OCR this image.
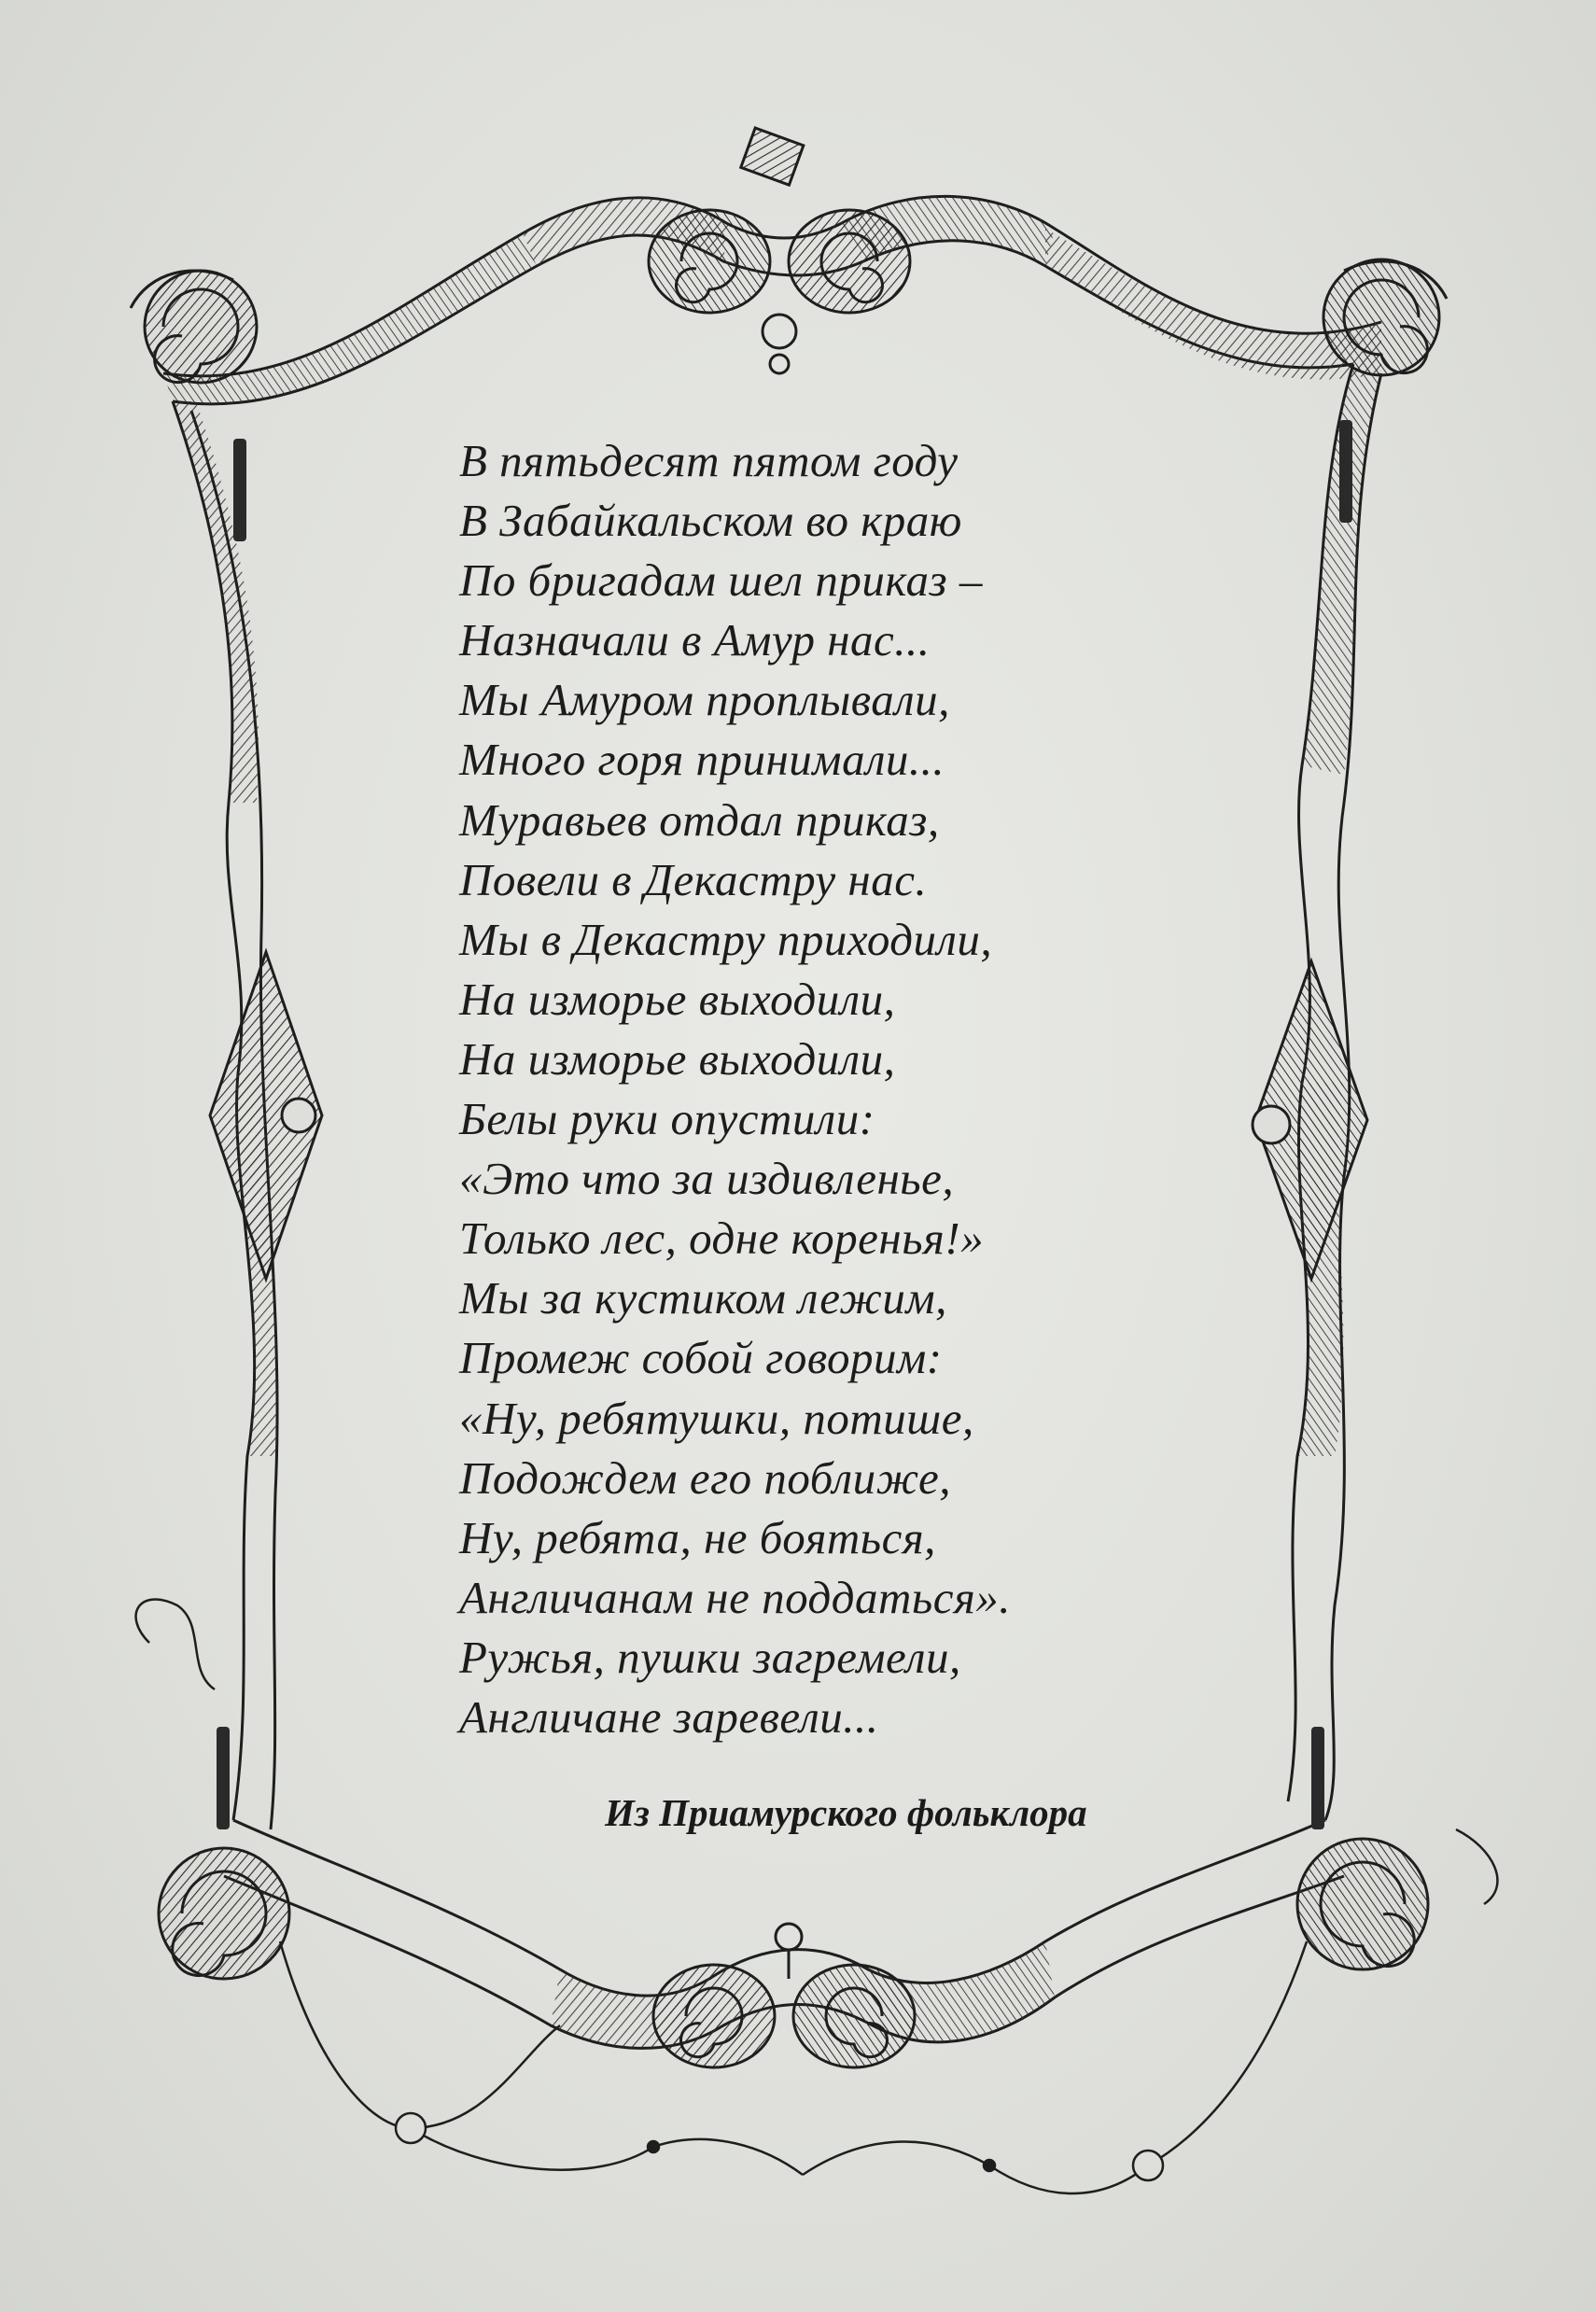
В пятьдесят пятом году
В Забайкальском во краю
По бригадам шел приказ –
Назначали в Амур нас...
Мы Амуром проплывали,
Много горя принимали...
Муравьев отдал приказ,
Повели в Декастру нас.
Мы в Декастру приходили,
На изморье выходили,
На изморье выходили,
Белы руки опустили:
«Это что за издивленье,
Только лес, одне коренья!»
Мы за кустиком лежим,
Промеж собой говорим:
«Ну, ребятушки, потише,
Подождем его поближе,
Ну, ребята, не бояться,
Англичанам не поддаться».
Ружья, пушки загремели,
Англичане заревели...
Из Приамурского фольклора
